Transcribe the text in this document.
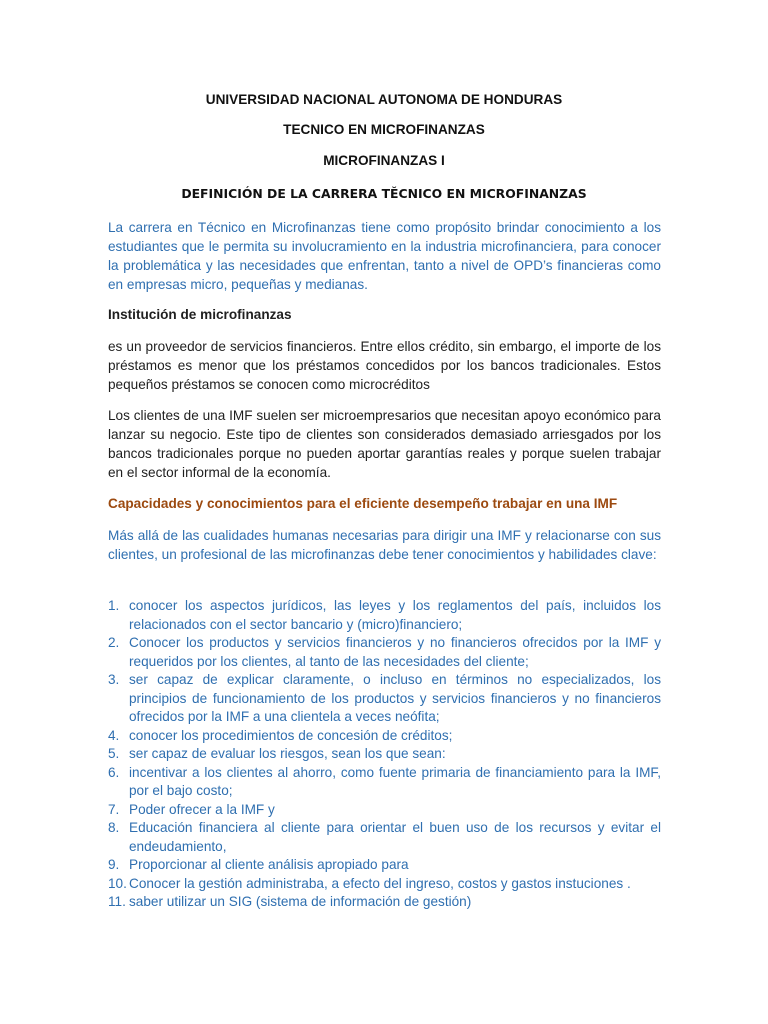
UNIVERSIDAD NACIONAL AUTONOMA DE HONDURAS
TECNICO EN MICROFINANZAS
MICROFINANZAS I
DEFINICIÓN DE LA CARRERA TĔCNICO EN MICROFINANZAS
La carrera en Técnico en Microfinanzas tiene como propósito brindar conocimiento a los estudiantes que le permita su involucramiento en la industria microfinanciera, para conocer la problemática y las necesidades que enfrentan, tanto a nivel de OPD’s financieras como en empresas micro, pequeñas y medianas.
Institución de microfinanzas
es un proveedor de servicios financieros. Entre ellos crédito, sin embargo, el importe de los préstamos es menor que los préstamos concedidos por los bancos tradicionales. Estos pequeños préstamos se conocen como microcréditos
Los clientes de una IMF suelen ser microempresarios que necesitan apoyo económico para lanzar su negocio. Este tipo de clientes son considerados demasiado arriesgados por los bancos tradicionales porque no pueden aportar garantías reales y porque suelen trabajar en el sector informal de la economía.
Capacidades y conocimientos para el eficiente desempeño trabajar en una IMF
Más allá de las cualidades humanas necesarias para dirigir una IMF y relacionarse con sus clientes, un profesional de las microfinanzas debe tener conocimientos y habilidades clave:
1. conocer los aspectos jurídicos, las leyes y los reglamentos del país, incluidos los relacionados con el sector bancario y (micro)financiero;
2. Conocer los productos y servicios financieros y no financieros ofrecidos por la IMF y requeridos por los clientes, al tanto de las necesidades del cliente;
3. ser capaz de explicar claramente, o incluso en términos no especializados, los principios de funcionamiento de los productos y servicios financieros y no financieros ofrecidos por la IMF a una clientela a veces neófita;
4. conocer los procedimientos de concesión de créditos;
5. ser capaz de evaluar los riesgos, sean los que sean:
6. incentivar a los clientes al ahorro, como fuente primaria de financiamiento para la IMF, por el bajo costo;
7. Poder ofrecer a la IMF y
8. Educación financiera al cliente para orientar el buen uso de los recursos y evitar el endeudamiento,
9. Proporcionar al cliente análisis apropiado para
10. Conocer la gestión administraba, a efecto del ingreso, costos y gastos instuciones .
11. saber utilizar un SIG (sistema de información de gestión)
